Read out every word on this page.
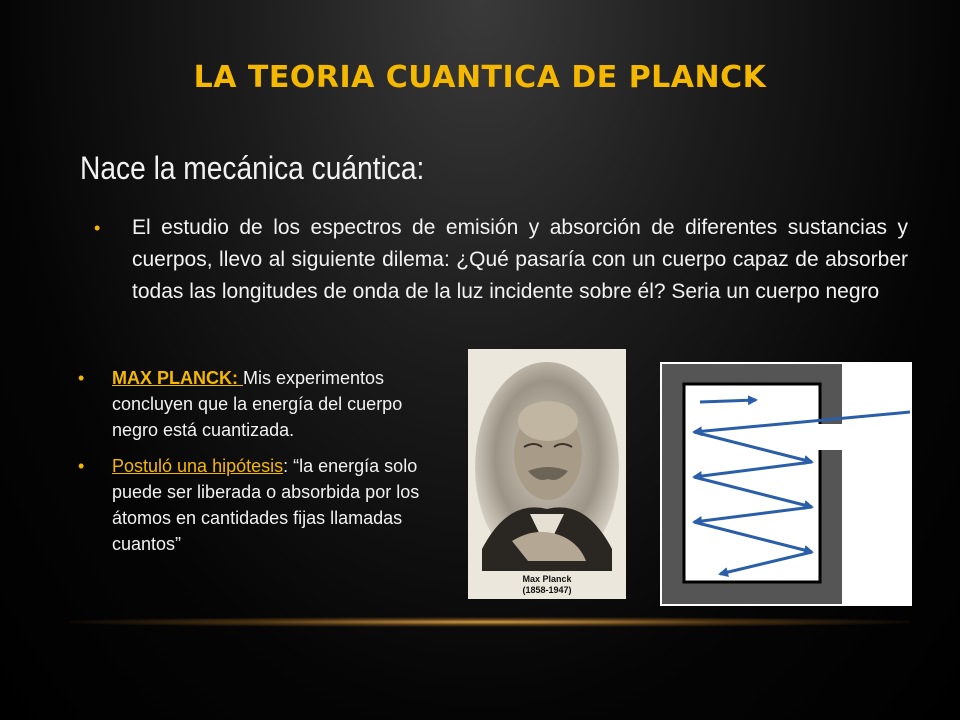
LA TEORIA CUANTICA DE PLANCK
Nace la mecánica cuántica:
•	El estudio de los espectros de emisión y absorción de diferentes sustancias y cuerpos, llevo al siguiente dilema: ¿Qué pasaría con un cuerpo capaz de absorber todas las longitudes de onda de la luz incidente sobre él? Seria un cuerpo negro
• MAX PLANCK: Mis experimentos concluyen que la energía del cuerpo negro está cuantizada.
• Postuló una hipótesis: “la energía solo puede ser liberada o absorbida por los átomos en cantidades fijas llamadas cuantos”
Max Planck
(1858-1947)
